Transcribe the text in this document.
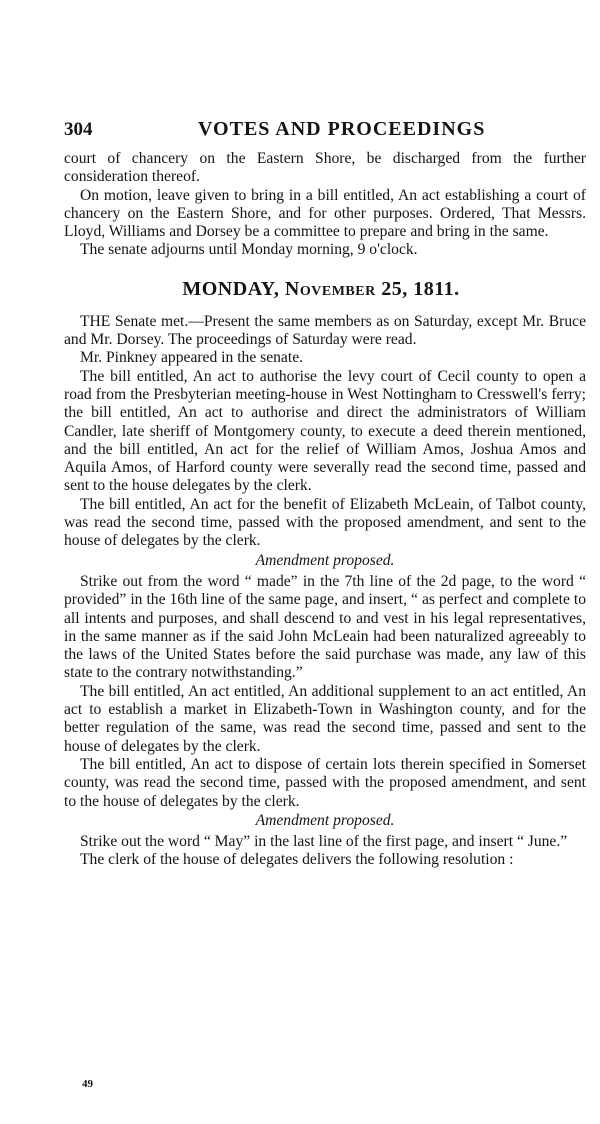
304	VOTES AND PROCEEDINGS

court of chancery on the Eastern Shore, be discharged from the further consideration thereof.

On motion, leave given to bring in a bill entitled, An act establishing a court of chancery on the Eastern Shore, and for other purposes. Ordered, That Messrs. Lloyd, Williams and Dorsey be a committee to prepare and bring in the same.

The senate adjourns until Monday morning, 9 o'clock.

MONDAY, November 25, 1811.

THE Senate met.—Present the same members as on Saturday, except Mr. Bruce and Mr. Dorsey. The proceedings of Saturday were read.

Mr. Pinkney appeared in the senate.

The bill entitled, An act to authorise the levy court of Cecil county to open a road from the Presbyterian meeting-house in West Nottingham to Cresswell's ferry; the bill entitled, An act to authorise and direct the administrators of William Candler, late sheriff of Montgomery county, to execute a deed therein mentioned, and the bill entitled, An act for the relief of William Amos, Joshua Amos and Aquila Amos, of Harford county were severally read the second time, passed and sent to the house delegates by the clerk.

The bill entitled, An act for the benefit of Elizabeth McLeain, of Talbot county, was read the second time, passed with the proposed amendment, and sent to the house of delegates by the clerk.

Amendment proposed.

Strike out from the word “ made” in the 7th line of the 2d page, to the word “ provided” in the 16th line of the same page, and insert, “ as perfect and complete to all intents and purposes, and shall descend to and vest in his legal representatives, in the same manner as if the said John McLeain had been naturalized agreeably to the laws of the United States before the said purchase was made, any law of this state to the contrary notwithstanding.”

The bill entitled, An act entitled, An additional supplement to an act entitled, An act to establish a market in Elizabeth-Town in Washington county, and for the better regulation of the same, was read the second time, passed and sent to the house of delegates by the clerk.

The bill entitled, An act to dispose of certain lots therein specified in Somerset county, was read the second time, passed with the proposed amendment, and sent to the house of delegates by the clerk.

Amendment proposed.

Strike out the word “ May” in the last line of the first page, and insert “ June.”

The clerk of the house of delegates delivers the following resolution :

49
